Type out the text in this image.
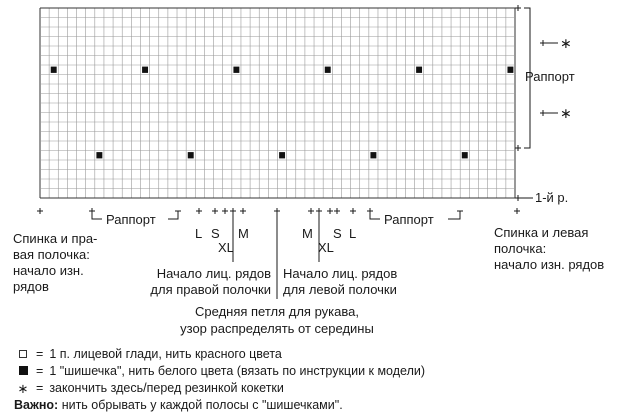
∗
∗
Раппорт
1-й р.
Раппорт	Раппорт
L S
XL
M	M S L
XL
Спинка и пра-
вая полочка:
начало изн.
рядов
Спинка и левая
полочка:
начало изн. рядов
Начало лиц. рядов
для правой полочки
Начало лиц. рядов
для левой полочки
Средняя петля для рукава,
узор распределять от середины
= 1 п. лицевой глади, нить красного цвета
= 1 "шишечка", нить белого цвета (вязать по инструкции к модели)
∗ = закончить здесь/перед резинкой кокетки
Важно:
нить обрывать у каждой полосы с "шишечками".
